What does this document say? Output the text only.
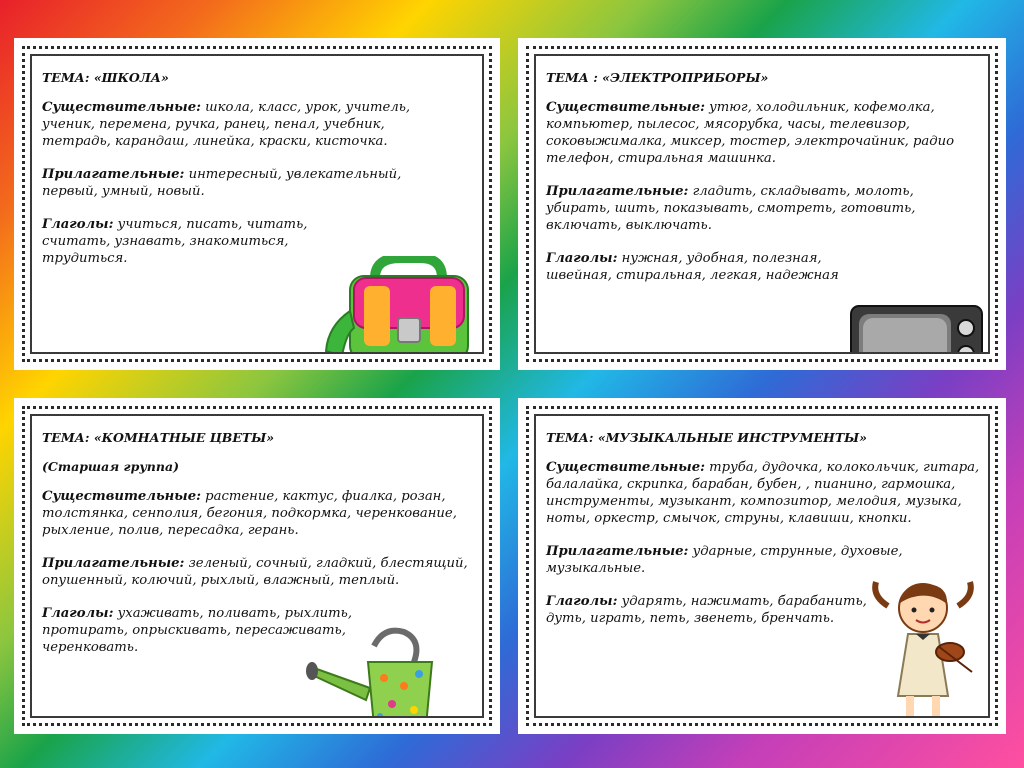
ТЕМА: «ШКОЛА»

Существительные: школа, класс, урок, учитель, ученик, перемена, ручка, ранец, пенал, учебник, тетрадь, карандаш, линейка, краски, кисточка.

Прилагательные: интересный, увлекательный, первый, умный, новый.

Глаголы: учиться, писать, читать, считать, узнавать, знакомиться, трудиться.

ТЕМА : «ЭЛЕКТРОПРИБОРЫ»

Существительные: утюг, холодильник, кофемолка, компьютер, пылесос, мясорубка, часы, телевизор, соковыжималка, миксер, тостер, электрочайник, радио телефон, стиральная машинка.

Прилагательные: гладить, складывать, молоть, убирать, шить, показывать, смотреть, готовить, включать, выключать.

Глаголы: нужная, удобная, полезная, швейная, стиральная, легкая, надежная

ТЕМА: «КОМНАТНЫЕ ЦВЕТЫ»
(Старшая группа)

Существительные: растение, кактус, фиалка, розан, толстянка, сенполия, бегония, подкормка, черенкование, рыхление, полив, пересадка, герань.

Прилагательные: зеленый, сочный, гладкий, блестящий, опушенный, колючий, рыхлый, влажный, теплый.

Глаголы: ухаживать, поливать, рыхлить, протирать, опрыскивать, пересаживать, черенковать.

ТЕМА: «МУЗЫКАЛЬНЫЕ ИНСТРУМЕНТЫ»

Существительные: труба, дудочка, колокольчик, гитара, балалайка, скрипка, барабан, бубен, , пианино, гармошка, инструменты, музыкант, композитор, мелодия, музыка, ноты, оркестр, смычок, струны, клавиши, кнопки.

Прилагательные: ударные, струнные, духовые, музыкальные.

Глаголы: ударять, нажимать, барабанить, дуть, играть, петь, звенеть, бренчать.
